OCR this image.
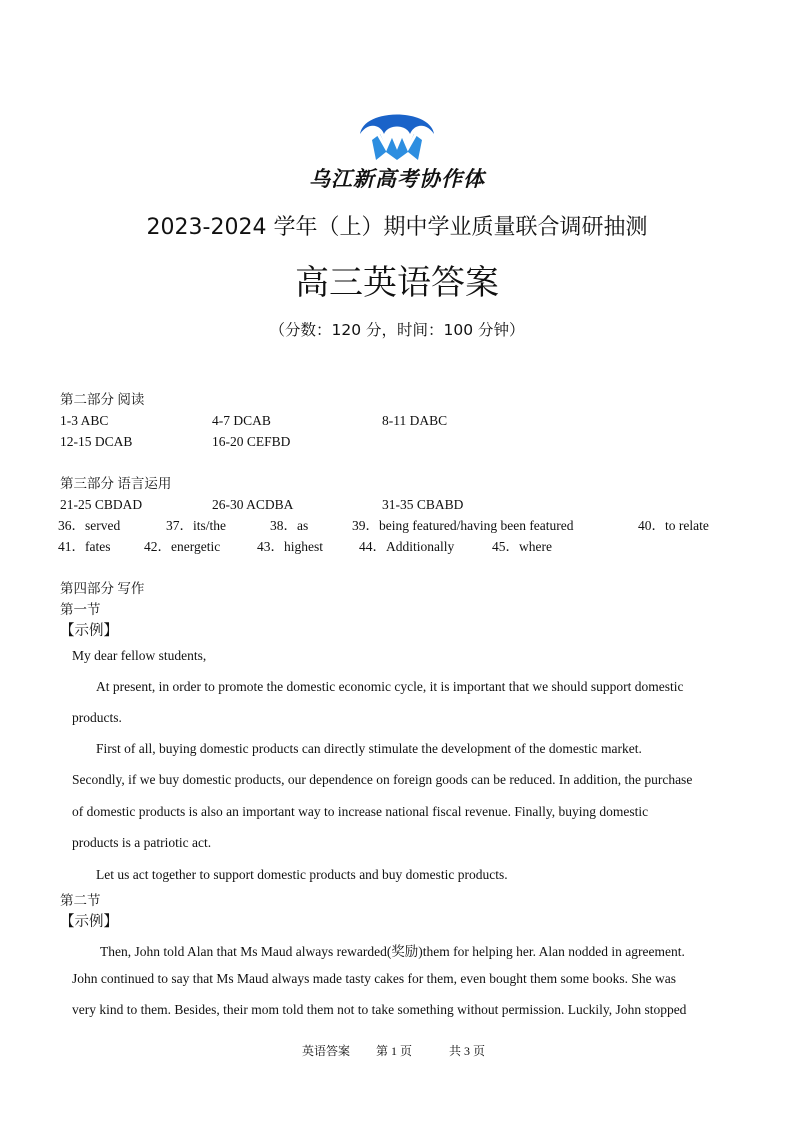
乌江新高考协作体
2023-2024 学年（上）期中学业质量联合调研抽测
高三英语答案
（分数：120 分，时间：100 分钟）
第二部分 阅读
1-3 ABC	4-7 DCAB	8-11 DABC
12-15 DCAB	16-20 CEFBD
第三部分 语言运用
21-25 CBDAD	26-30 ACDBA	31-35 CBABD
36．served	37．its/the	38．as	39．being featured/having been featured	40．to relate
41．fates 42．energetic	43．highest	44．Additionally	45．where
第四部分 写作
第一节
【示例】
My dear fellow students,
At present, in order to promote the domestic economic cycle, it is important that we should support domestic
products.
First of all, buying domestic products can directly stimulate the development of the domestic market.
Secondly, if we buy domestic products, our dependence on foreign goods can be reduced. In addition, the purchase
of domestic products is also an important way to increase national fiscal revenue. Finally, buying domestic
products is a patriotic act.
Let us act together to support domestic products and buy domestic products.
第二节
【示例】
Then, John told Alan that Ms Maud always rewarded(奖励)them for helping her. Alan nodded in agreement.
John continued to say that Ms Maud always made tasty cakes for them, even bought them some books. She was
very kind to them. Besides, their mom told them not to take something without permission. Luckily, John stopped
英语答案 第 1 页	共 3 页
